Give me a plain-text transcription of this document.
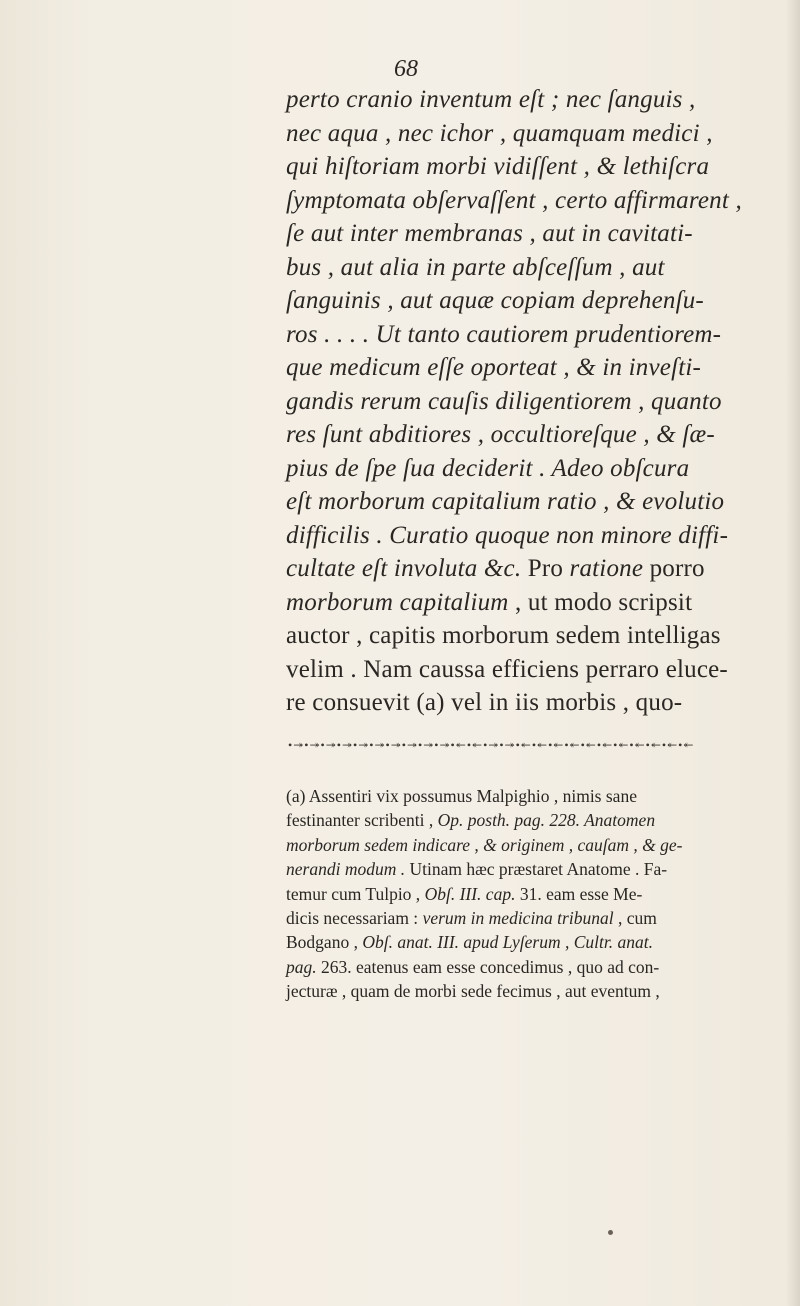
68
perto cranio inventum eſt ; nec ſanguis ,
nec aqua , nec ichor , quamquam medici ,
qui hiſtoriam morbi vidiſſent , & lethiſcra
ſymptomata obſervaſſent , certo affirmarent ,
ſe aut inter membranas , aut in cavitati-
bus , aut alia in parte abſceſſum , aut
ſanguinis , aut aquæ copiam deprehenſu-
ros . . . . Ut tanto cautiorem prudentiorem-
que medicum eſſe oporteat , & in inveſti-
gandis rerum cauſis diligentiorem , quanto
res ſunt abditiores , occultioreſque , & ſæ-
pius de ſpe ſua deciderit . Adeo obſcura
eſt morborum capitalium ratio , & evolutio
difficilis . Curatio quoque non minore diffi-
cultate eſt involuta &c. Pro ratione porro
morborum capitalium , ut modo scripsit
auctor , capitis morborum sedem intelligas
velim . Nam caussa efficiens perraro eluce-
re consuevit (a) vel in iis morbis , quo-
•↠•↠•↠•↠•↠•↠•↠•↠•↠•↠•↞•↞•↠•↠•↞•↞•↞•↞•↞•↞•↞•↞•↞•↞•↞
(a) Assentiri vix possumus Malpighio , nimis sane
festinanter scribenti , Op. posth. pag. 228. Anatomen
morborum sedem indicare , & originem , cauſam , & ge-
nerandi modum . Utinam hæc præstaret Anatome . Fa-
temur cum Tulpio , Obſ. III. cap. 31. eam esse Me-
dicis necessariam : verum in medicina tribunal , cum
Bodgano , Obſ. anat. III. apud Lyſerum , Cultr. anat.
pag. 263. eatenus eam esse concedimus , quo ad con-
jecturæ , quam de morbi sede fecimus , aut eventum ,
